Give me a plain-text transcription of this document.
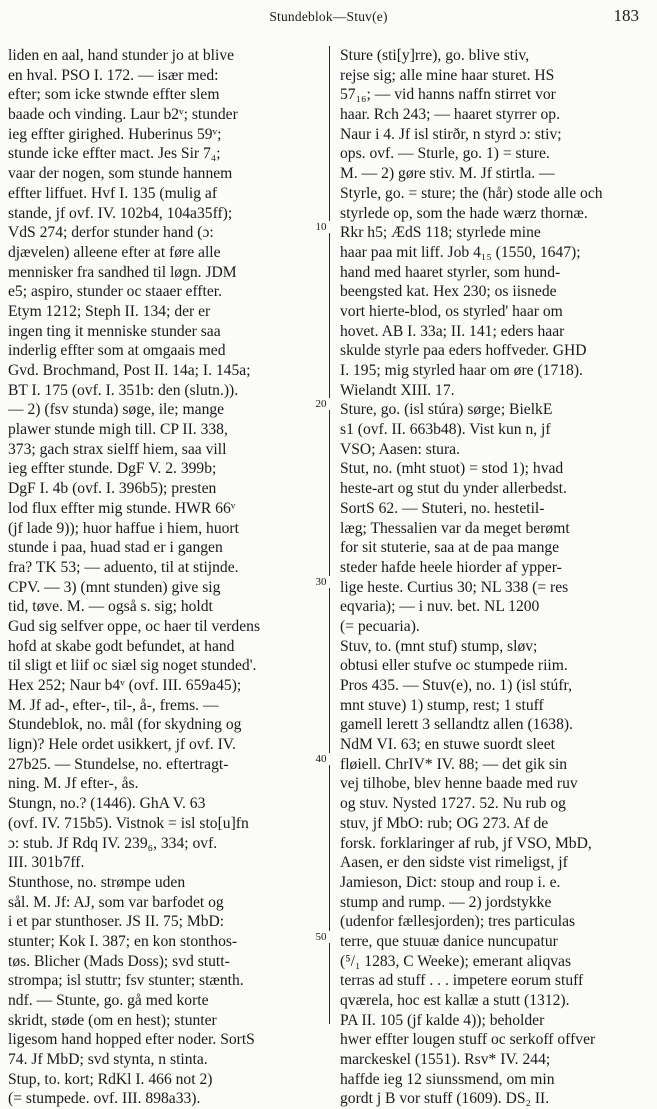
Stundeblok—Stuv(e)	183
liden en aal, hand stunder jo at blive
en hval. PSO I. 172. — især med:
efter; som icke stwnde effter slem
baade och vinding. Laur b2ᵛ; stunder
ieg effter girighed. Huberinus 59ᵛ;
stunde icke effter mact. Jes Sir 7₄;
vaar der nogen, som stunde hannem
effter liffuet. Hvf I. 135 (mulig af
stande, jf ovf. IV. 102b4, 104a35ff);
VdS 274; derfor stunder hand (ɔ:
djævelen) alleene efter at føre alle
mennisker fra sandhed til løgn. JDM
e5; aspiro, stunder oc staaer effter.
Etym 1212; Steph II. 134; der er
ingen ting it menniske stunder saa
inderlig effter som at omgaais med
Gvd. Brochmand, Post II. 14a; I. 145a;
BT I. 175 (ovf. I. 351b: den (slutn.)).
— 2) (fsv stunda) søge, ile; mange
plawer stunde migh till. CP II. 338,
373; gach strax sielff hiem, saa vill
ieg effter stunde. DgF V. 2. 399b;
DgF I. 4b (ovf. I. 396b5); presten
lod flux effter mig stunde. HWR 66ᵛ
(jf lade 9)); huor haffue i hiem, huort
stunde i paa, huad stad er i gangen
fra? TK 53; — aduento, til at stijnde.
CPV. — 3) (mnt stunden) give sig
tid, tøve. M. — også s. sig; holdt
Gud sig selfver oppe, oc haer til verdens
hofd at skabe godt befundet, at hand
til sligt et liif oc siæl sig noget stunded'.
Hex 252; Naur b4ᵛ (ovf. III. 659a45);
M. Jf ad-, efter-, til-, å-, frems. —
Stundeblok, no. mål (for skydning og
lign)? Hele ordet usikkert, jf ovf. IV.
27b25. — Stundelse, no. eftertragt-
ning. M. Jf efter-, ås.
Stungn, no.? (1446). GhA V. 63
(ovf. IV. 715b5). Vistnok = isl sto[u]fn
ɔ: stub. Jf Rdq IV. 239₆, 334; ovf.
III. 301b7ff.
Stunthose, no. strømpe uden
sål. M. Jf: AJ, som var barfodet og
i et par stunthoser. JS II. 75; MbD:
stunter; Kok I. 387; en kon stonthos-
tøs. Blicher (Mads Doss); svd stutt-
strompa; isl stuttr; fsv stunter; stænth.
ndf. — Stunte, go. gå med korte
skridt, støde (om en hest); stunter
ligesom hand hopped efter noder. SortS
74. Jf MbD; svd stynta, n stinta.
Stup, to. kort; RdKl I. 466 not 2)
(= stumpede. ovf. III. 898a33).
Sture (sti[y]rre), go. blive stiv,
rejse sig; alle mine haar sturet. HS
57₁₆; — vid hanns naffn stirret vor
haar. Rch 243; — haaret styrrer op.
Naur i 4. Jf isl stirðr, n styrd ɔ: stiv;
ops. ovf. — Sturle, go. 1) = sture.
M. — 2) gøre stiv. M. Jf stirtla. —
Styrle, go. = sture; the (hår) stode alle och
styrlede op, som the hade wærz thornæ.
Rkr h5; ÆdS 118; styrlede mine
haar paa mit liff. Job 4₁₅ (1550, 1647);
hand med haaret styrler, som hund-
beengsted kat. Hex 230; os iisnede
vort hierte-blod, os styrled' haar om
hovet. AB I. 33a; II. 141; eders haar
skulde styrle paa eders hoffveder. GHD
I. 195; mig styrled haar om øre (1718).
Wielandt XIII. 17.
Sture, go. (isl stúra) sørge; BielkE
s1 (ovf. II. 663b48). Vist kun n, jf
VSO; Aasen: stura.
Stut, no. (mht stuot) = stod 1); hvad
heste-art og stut du ynder allerbedst.
SortS 62. — Stuteri, no. hestetil-
læg; Thessalien var da meget berømt
for sit stuterie, saa at de paa mange
steder hafde heele hiorder af ypper-
lige heste. Curtius 30; NL 338 (= res
eqvaria); — i nuv. bet. NL 1200
(= pecuaria).
Stuv, to. (mnt stuf) stump, sløv;
obtusi eller stufve oc stumpede riim.
Pros 435. — Stuv(e), no. 1) (isl stúfr,
mnt stuve) 1) stump, rest; 1 stuff
gamell lerett 3 sellandtz allen (1638).
NdM VI. 63; en stuwe suordt sleet
fløiell. ChrIV* IV. 88; — det gik sin
vej tilhobe, blev henne baade med ruv
og stuv. Nysted 1727. 52. Nu rub og
stuv, jf MbO: rub; OG 273. Af de
forsk. forklaringer af rub, jf VSO, MbD,
Aasen, er den sidste vist rimeligst, jf
Jamieson, Dict: stoup and roup i. e.
stump and rump. — 2) jordstykke
(udenfor fællesjorden); tres particulas
terre, que stuuæ danice nuncupatur
(⁵/₁ 1283, C Weeke); emerant aliqvas
terras ad stuff . . . impetere eorum stuff
qværela, hoc est kallæ a stutt (1312).
PA II. 105 (jf kalde 4)); beholder
hwer effter lougen stuff oc serkoff offver
marckeskel (1551). Rsv* IV. 244;
haffde ieg 12 siunssmend, om min
gordt j B vor stuff (1609). DS₂ II.
10
20
30
40
50
